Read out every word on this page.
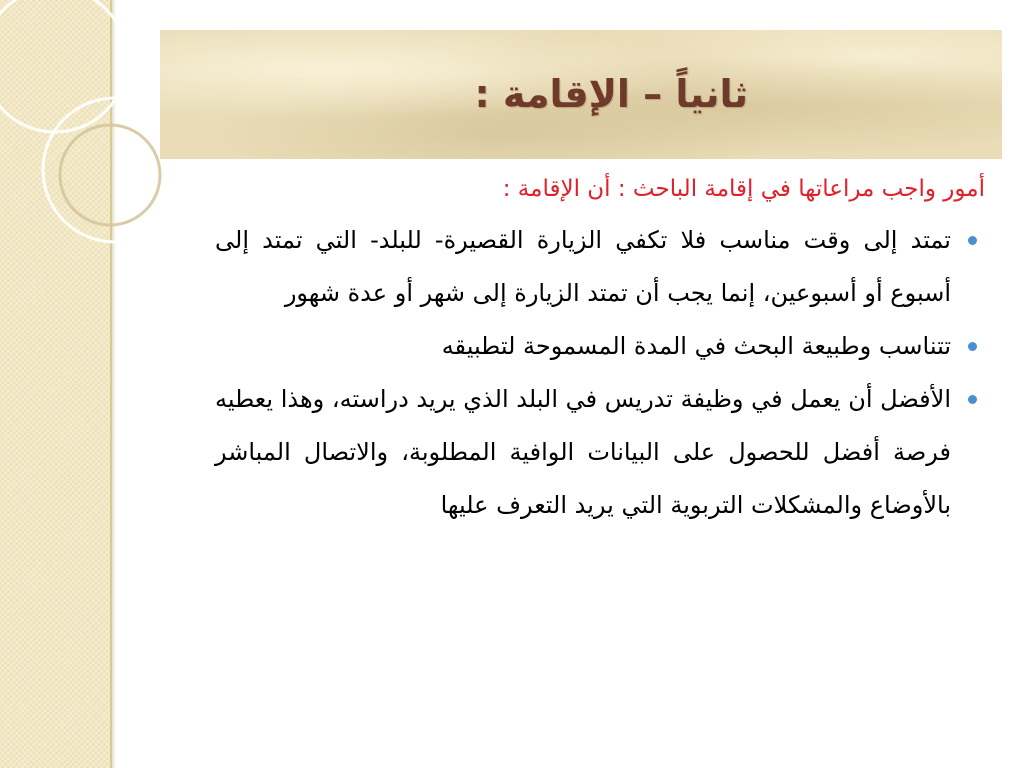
ثانياً – الإقامة :

أمور واجب مراعاتها في إقامة الباحث : أن الإقامة :

تمتد إلى وقت مناسب فلا تكفي الزيارة القصيرة- للبلد- التي تمتد إلى أسبوع أو أسبوعين، إنما يجب أن تمتد الزيارة إلى شهر أو عدة شهور
تتناسب وطبيعة البحث في المدة المسموحة لتطبيقه
الأفضل أن يعمل في وظيفة تدريس في البلد الذي يريد دراسته، وهذا يعطيه فرصة أفضل للحصول على البيانات الوافية المطلوبة، والاتصال المباشر بالأوضاع والمشكلات التربوية التي يريد التعرف عليها
